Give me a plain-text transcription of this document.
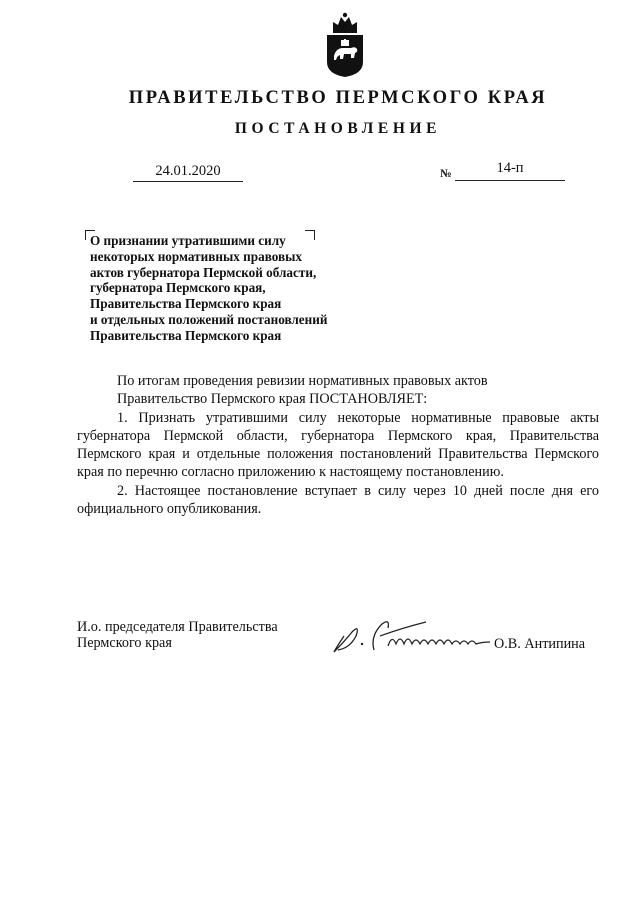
ПРАВИТЕЛЬСТВО ПЕРМСКОГО КРАЯ
ПОСТАНОВЛЕНИЕ
24.01.2020	№	14-п
О признании утратившими силу
некоторых нормативных правовых
актов губернатора Пермской области,
губернатора Пермского края,
Правительства Пермского края
и отдельных положений постановлений
Правительства Пермского края

По итогам проведения ревизии нормативных правовых актов

Правительство Пермского края ПОСТАНОВЛЯЕТ:

1. Признать утратившими силу некоторые нормативные правовые акты губернатора Пермской области, губернатора Пермского края, Правительства Пермского края и отдельные положения постановлений Правительства Пермского края по перечню согласно приложению к настоящему постановлению.

2. Настоящее постановление вступает в силу через 10 дней после дня его официального опубликования.

И.о. председателя Правительства
Пермского края	О.В. Антипина
